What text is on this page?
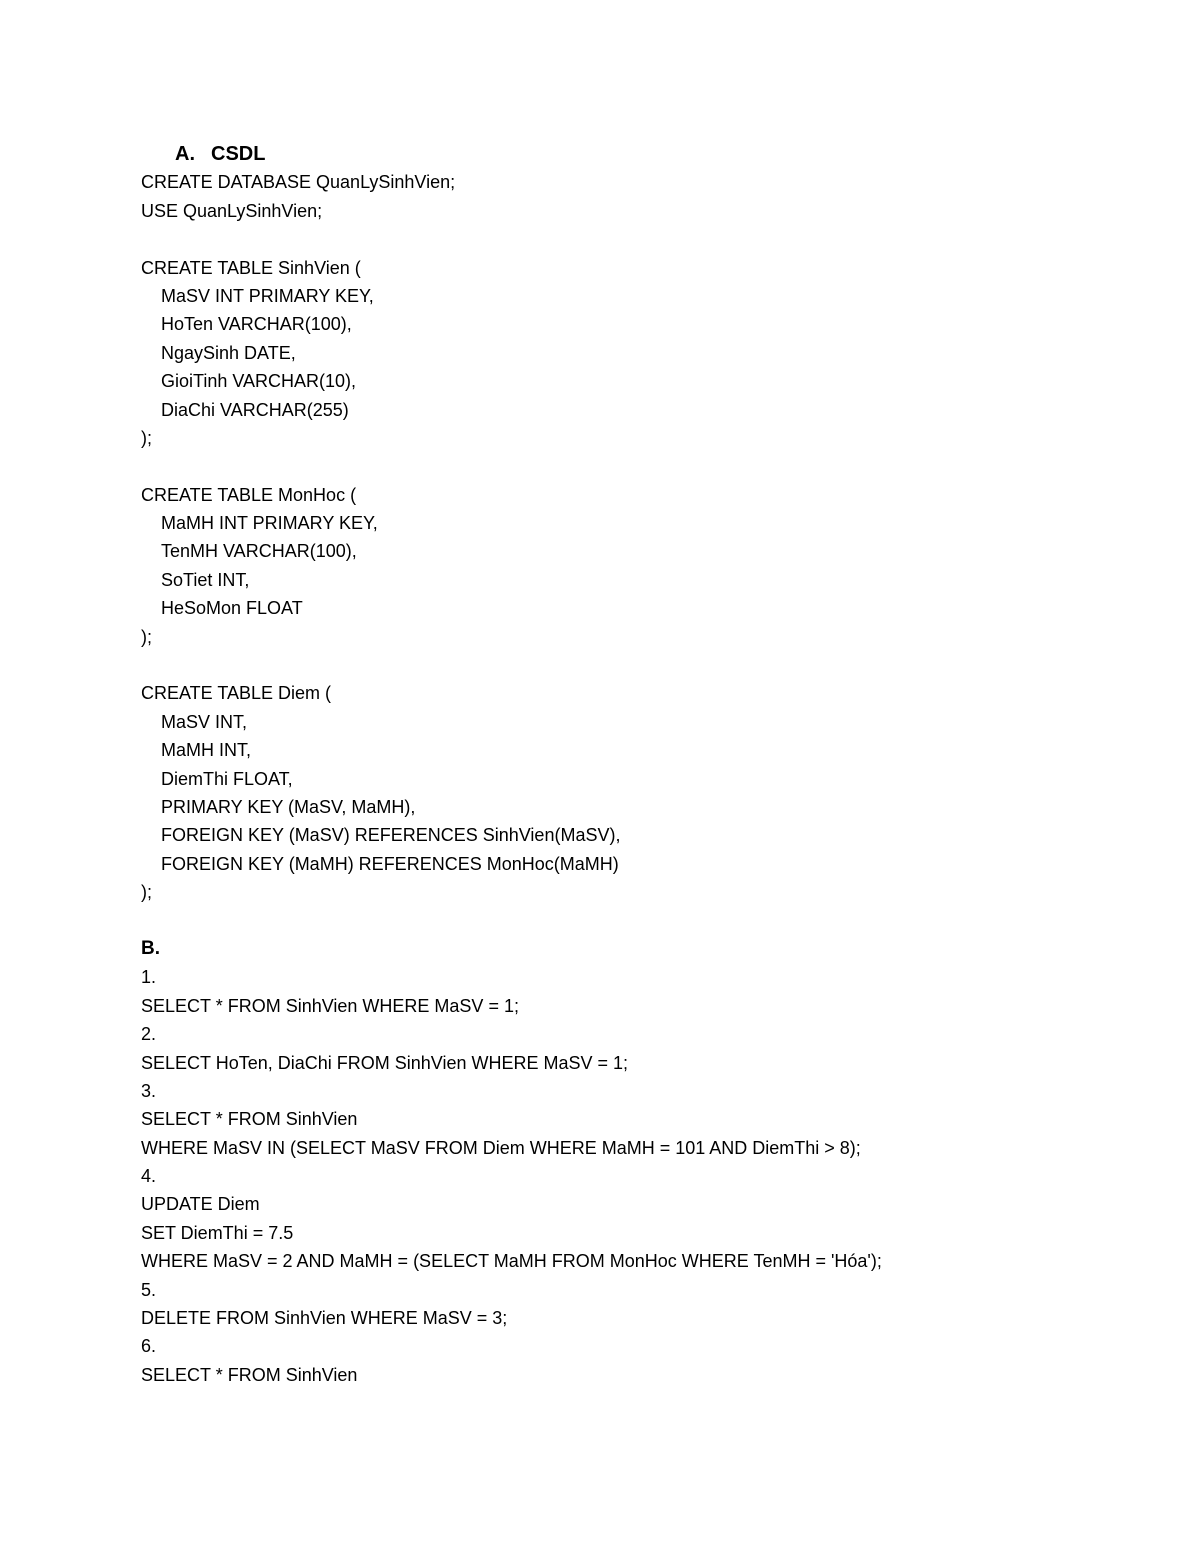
A. CSDL
CREATE DATABASE QuanLySinhVien;
USE QuanLySinhVien;
CREATE TABLE SinhVien (
MaSV INT PRIMARY KEY,
HoTen VARCHAR(100),
NgaySinh DATE,
GioiTinh VARCHAR(10),
DiaChi VARCHAR(255)
);
CREATE TABLE MonHoc (
MaMH INT PRIMARY KEY,
TenMH VARCHAR(100),
SoTiet INT,
HeSoMon FLOAT
);
CREATE TABLE Diem (
MaSV INT,
MaMH INT,
DiemThi FLOAT,
PRIMARY KEY (MaSV, MaMH),
FOREIGN KEY (MaSV) REFERENCES SinhVien(MaSV),
FOREIGN KEY (MaMH) REFERENCES MonHoc(MaMH)
);
B.
1.
SELECT * FROM SinhVien WHERE MaSV = 1;
2.
SELECT HoTen, DiaChi FROM SinhVien WHERE MaSV = 1;
3.
SELECT * FROM SinhVien
WHERE MaSV IN (SELECT MaSV FROM Diem WHERE MaMH = 101 AND DiemThi > 8);
4.
UPDATE Diem
SET DiemThi = 7.5
WHERE MaSV = 2 AND MaMH = (SELECT MaMH FROM MonHoc WHERE TenMH = 'Hóa');
5.
DELETE FROM SinhVien WHERE MaSV = 3;
6.
SELECT * FROM SinhVien
